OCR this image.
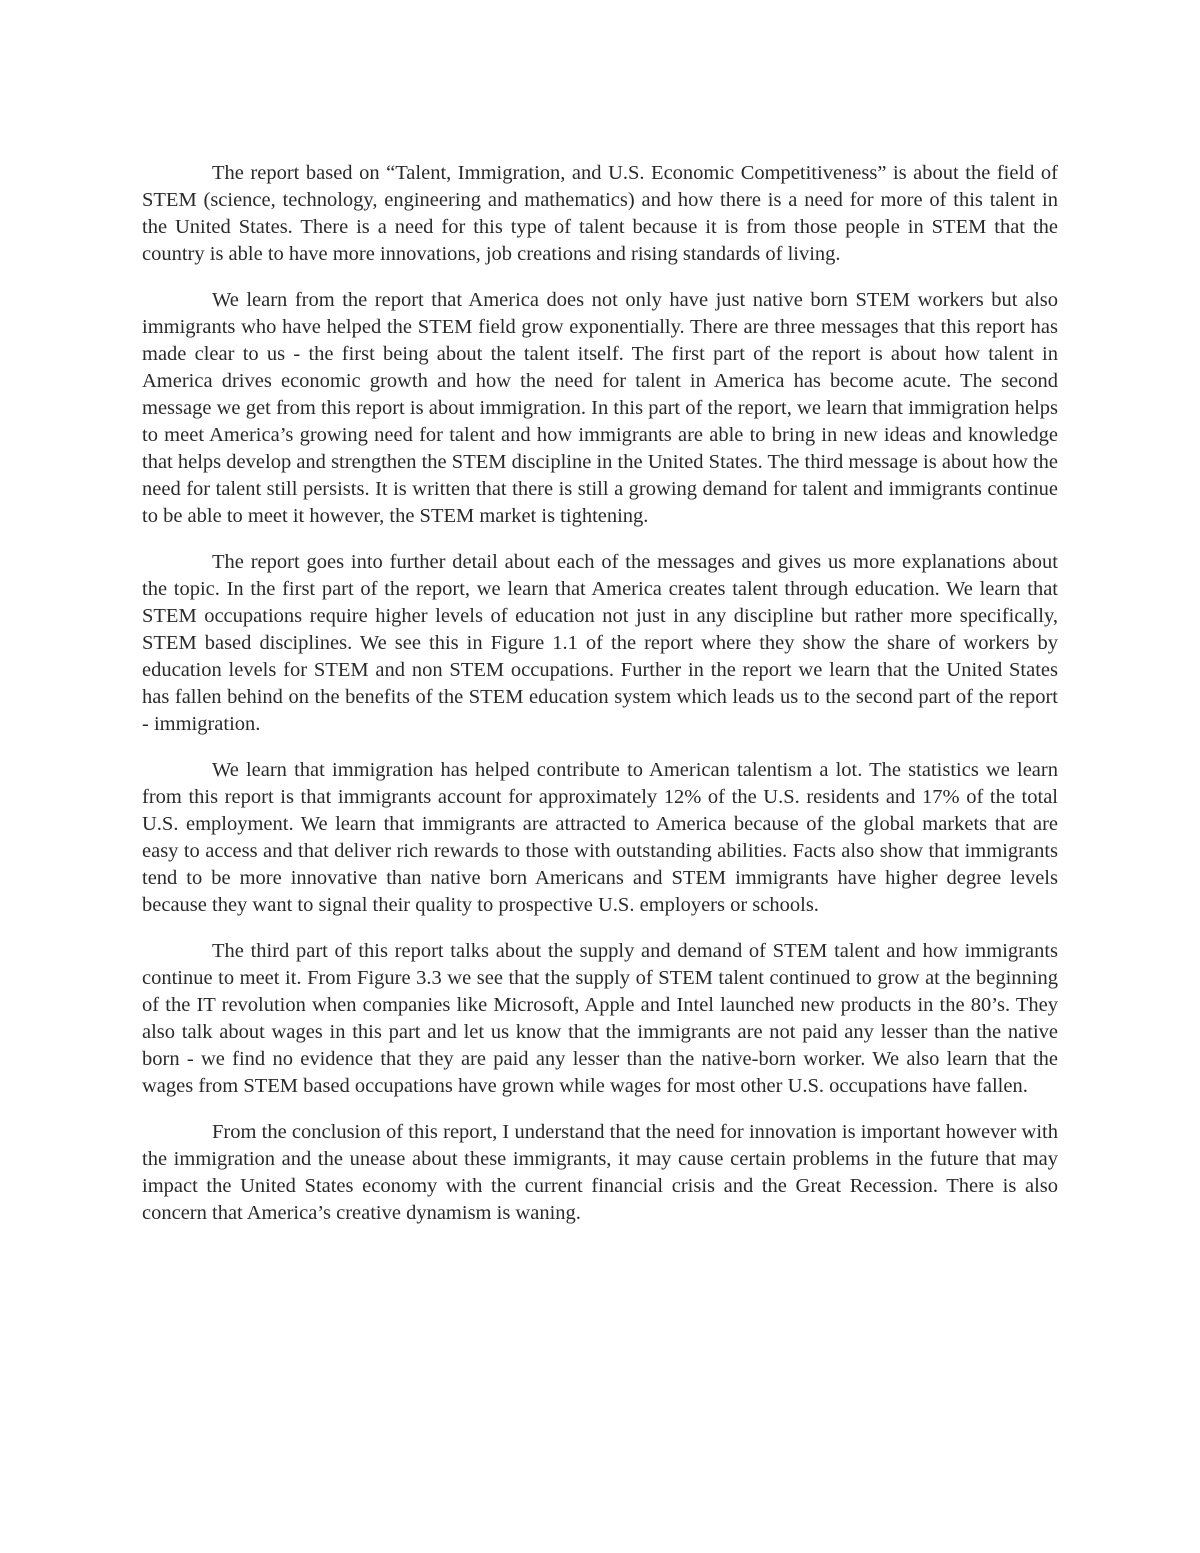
The report based on “Talent, Immigration, and U.S. Economic Competitiveness” is about the field of STEM (science, technology, engineering and mathematics) and how there is a need for more of this talent in the United States. There is a need for this type of talent because it is from those people in STEM that the country is able to have more innovations, job creations and rising standards of living.

We learn from the report that America does not only have just native born STEM workers but also immigrants who have helped the STEM field grow exponentially. There are three messages that this report has made clear to us - the first being about the talent itself. The first part of the report is about how talent in America drives economic growth and how the need for talent in America has become acute. The second message we get from this report is about immigration. In this part of the report, we learn that immigration helps to meet America’s growing need for talent and how immigrants are able to bring in new ideas and knowledge that helps develop and strengthen the STEM discipline in the United States. The third message is about how the need for talent still persists. It is written that there is still a growing demand for talent and immigrants continue to be able to meet it however, the STEM market is tightening.

The report goes into further detail about each of the messages and gives us more explanations about the topic. In the first part of the report, we learn that America creates talent through education. We learn that STEM occupations require higher levels of education not just in any discipline but rather more specifically, STEM based disciplines. We see this in Figure 1.1 of the report where they show the share of workers by education levels for STEM and non STEM occupations. Further in the report we learn that the United States has fallen behind on the benefits of the STEM education system which leads us to the second part of the report - immigration.

We learn that immigration has helped contribute to American talentism a lot. The statistics we learn from this report is that immigrants account for approximately 12% of the U.S. residents and 17% of the total U.S. employment. We learn that immigrants are attracted to America because of the global markets that are easy to access and that deliver rich rewards to those with outstanding abilities. Facts also show that immigrants tend to be more innovative than native born Americans and STEM immigrants have higher degree levels because they want to signal their quality to prospective U.S. employers or schools.

The third part of this report talks about the supply and demand of STEM talent and how immigrants continue to meet it. From Figure 3.3 we see that the supply of STEM talent continued to grow at the beginning of the IT revolution when companies like Microsoft, Apple and Intel launched new products in the 80’s. They also talk about wages in this part and let us know that the immigrants are not paid any lesser than the native born - we find no evidence that they are paid any lesser than the native-born worker. We also learn that the wages from STEM based occupations have grown while wages for most other U.S. occupations have fallen.

From the conclusion of this report, I understand that the need for innovation is important however with the immigration and the unease about these immigrants, it may cause certain problems in the future that may impact the United States economy with the current financial crisis and the Great Recession. There is also concern that America’s creative dynamism is waning.
